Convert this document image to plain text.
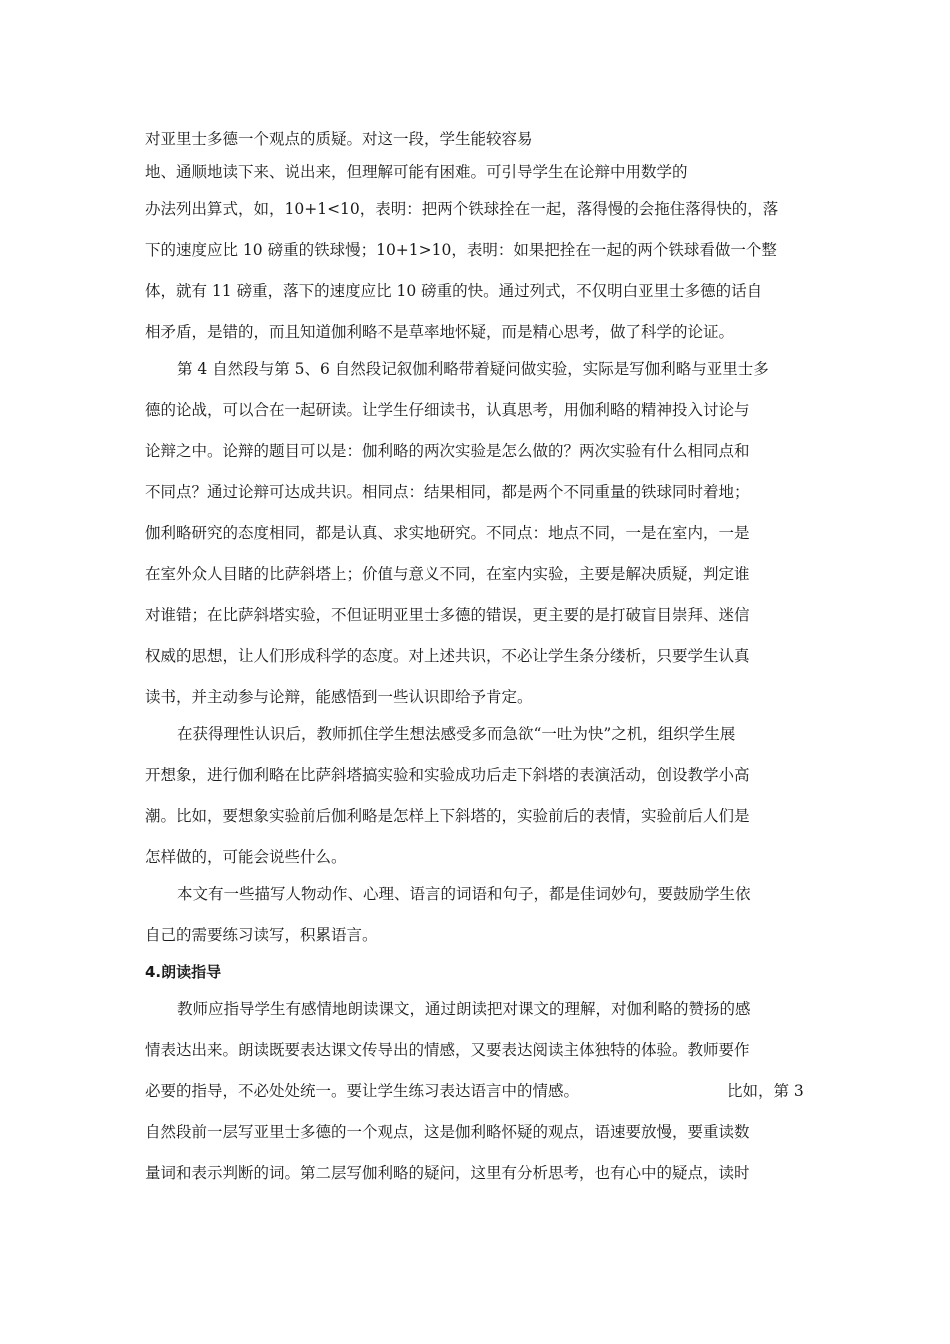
对亚里士多德一个观点的质疑。对这一段，学生能较容易
地、通顺地读下来、说出来，但理解可能有困难。可引导学生在论辩中用数学的
办法列出算式，如，10+1<10，表明：把两个铁球拴在一起，落得慢的会拖住落得快的，落
下的速度应比 10 磅重的铁球慢；10+1>10，表明：如果把拴在一起的两个铁球看做一个整
体，就有 11 磅重，落下的速度应比 10 磅重的快。通过列式，不仅明白亚里士多德的话自
相矛盾，是错的，而且知道伽利略不是草率地怀疑，而是精心思考，做了科学的论证。
第 4 自然段与第 5、6 自然段记叙伽利略带着疑问做实验，实际是写伽利略与亚里士多
德的论战，可以合在一起研读。让学生仔细读书，认真思考，用伽利略的精神投入讨论与
论辩之中。论辩的题目可以是：伽利略的两次实验是怎么做的？两次实验有什么相同点和
不同点？通过论辩可达成共识。相同点：结果相同，都是两个不同重量的铁球同时着地；
伽利略研究的态度相同，都是认真、求实地研究。不同点：地点不同，一是在室内，一是
在室外众人目睹的比萨斜塔上；价值与意义不同，在室内实验，主要是解决质疑，判定谁
对谁错；在比萨斜塔实验，不但证明亚里士多德的错误，更主要的是打破盲目崇拜、迷信
权威的思想，让人们形成科学的态度。对上述共识，不必让学生条分缕析，只要学生认真
读书，并主动参与论辩，能感悟到一些认识即给予肯定。
在获得理性认识后，教师抓住学生想法感受多而急欲“一吐为快”之机，组织学生展
开想象，进行伽利略在比萨斜塔搞实验和实验成功后走下斜塔的表演活动，创设教学小高
潮。比如，要想象实验前后伽利略是怎样上下斜塔的，实验前后的表情，实验前后人们是
怎样做的，可能会说些什么。
本文有一些描写人物动作、心理、语言的词语和句子，都是佳词妙句，要鼓励学生依
自己的需要练习读写，积累语言。
4.朗读指导
教师应指导学生有感情地朗读课文，通过朗读把对课文的理解，对伽利略的赞扬的感
情表达出来。朗读既要表达课文传导出的情感，又要表达阅读主体独特的体验。教师要作
必要的指导，不必处处统一。要让学生练习表达语言中的情感。	比如，第 3
自然段前一层写亚里士多德的一个观点，这是伽利略怀疑的观点，语速要放慢，要重读数
量词和表示判断的词。第二层写伽利略的疑问，这里有分析思考，也有心中的疑点，读时
